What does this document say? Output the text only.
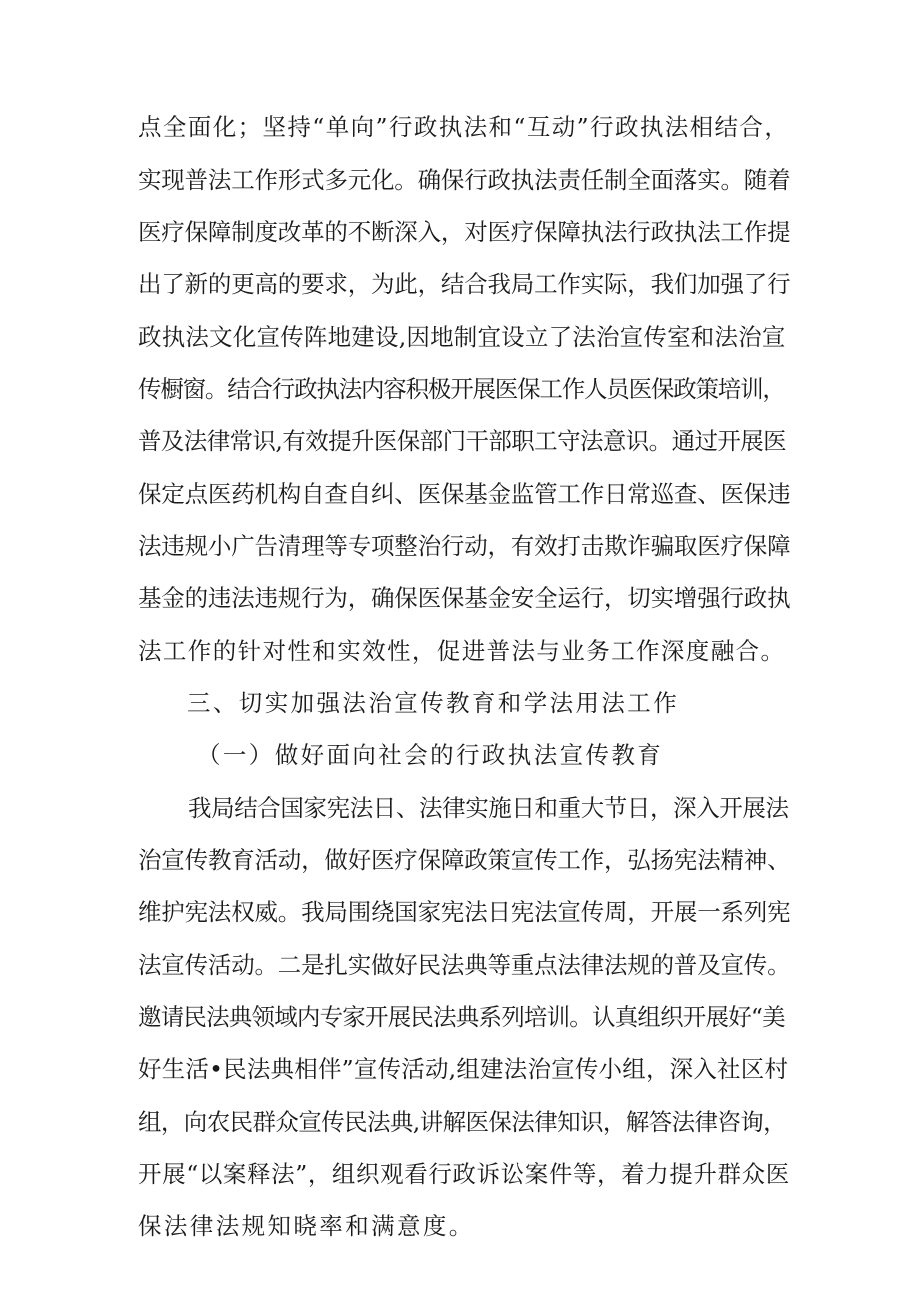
点全面化；坚持“单向”行政执法和“互动”行政执法相结合，
实现普法工作形式多元化。确保行政执法责任制全面落实。随着
医疗保障制度改革的不断深入，对医疗保障执法行政执法工作提
出了新的更高的要求，为此，结合我局工作实际，我们加强了行
政执法文化宣传阵地建设,因地制宜设立了法治宣传室和法治宣
传橱窗。结合行政执法内容积极开展医保工作人员医保政策培训，
普及法律常识,有效提升医保部门干部职工守法意识。通过开展医
保定点医药机构自查自纠、医保基金监管工作日常巡查、医保违
法违规小广告清理等专项整治行动，有效打击欺诈骗取医疗保障
基金的违法违规行为，确保医保基金安全运行，切实增强行政执
法工作的针对性和实效性，促进普法与业务工作深度融合。
三、切实加强法治宣传教育和学法用法工作
（一）做好面向社会的行政执法宣传教育
我局结合国家宪法日、法律实施日和重大节日，深入开展法
治宣传教育活动，做好医疗保障政策宣传工作，弘扬宪法精神、
维护宪法权威。我局围绕国家宪法日宪法宣传周，开展一系列宪
法宣传活动。二是扎实做好民法典等重点法律法规的普及宣传。
邀请民法典领域内专家开展民法典系列培训。认真组织开展好“美
好生活•民法典相伴”宣传活动,组建法治宣传小组，深入社区村
组，向农民群众宣传民法典,讲解医保法律知识，解答法律咨询，
开展“以案释法”，组织观看行政诉讼案件等，着力提升群众医
保法律法规知晓率和满意度。
